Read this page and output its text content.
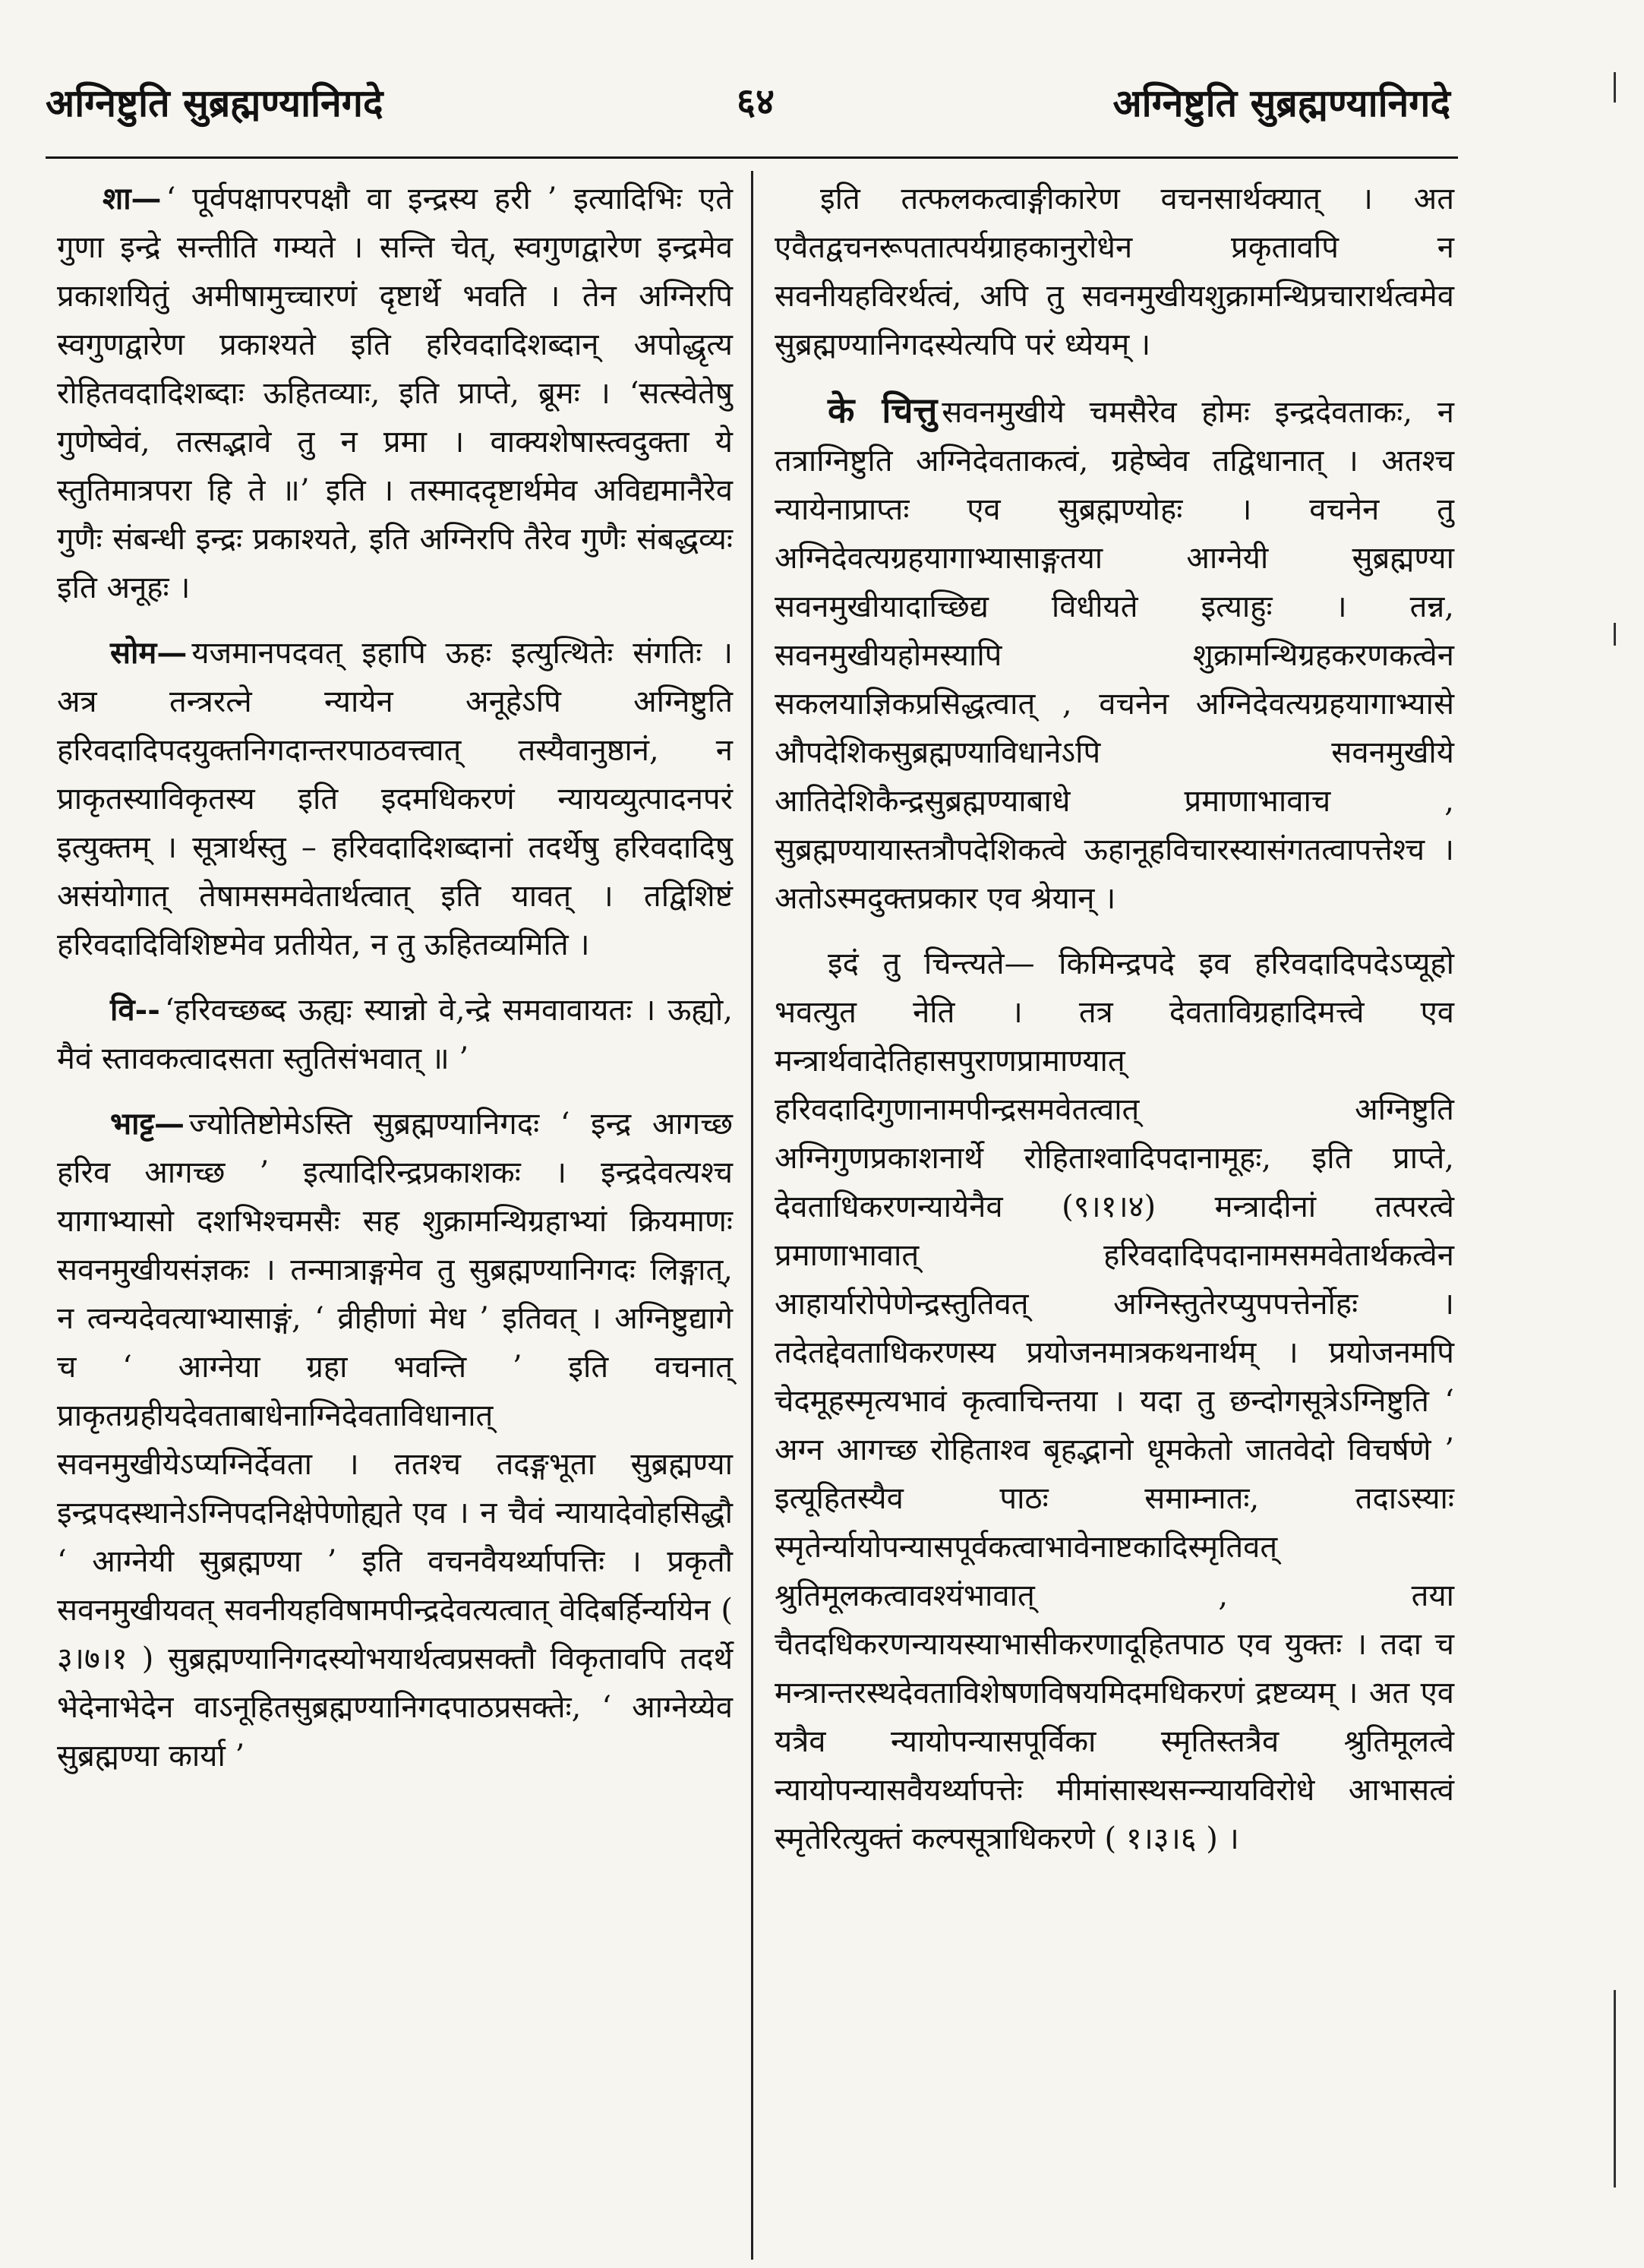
अग्निष्टुति सुब्रह्मण्यानिगदे	६४	अग्निष्टुति सुब्रह्मण्यानिगदे

शा— ‘ पूर्वपक्षापरपक्षौ वा इन्द्रस्य हरी ’ इत्यादिभिः एते गुणा इन्द्रे सन्तीति गम्यते । सन्ति चेत्, स्वगुणद्वारेण इन्द्रमेव प्रकाशयितुं अमीषामुच्चारणं दृष्टार्थे भवति । तेन अग्निरपि स्वगुणद्वारेण प्रकाश्यते इति हरिवदादिशब्दान् अपोद्धृत्य रोहितवदादिशब्दाः ऊहितव्याः, इति प्राप्ते, ब्रूमः । ‘सत्स्वेतेषु गुणेष्वेवं, तत्सद्भावे तु न प्रमा । वाक्यशेषास्त्वदुक्ता ये स्तुतिमात्रपरा हि ते ॥’ इति । तस्माददृष्टार्थमेव अविद्यमानैरेव गुणैः संबन्धी इन्द्रः प्रकाश्यते, इति अग्निरपि तैरेव गुणैः संबद्धव्यः इति अनूहः ।

सोम— यजमानपदवत् इहापि ऊहः इत्युत्थितेः संगतिः । अत्र तन्त्ररत्ने न्यायेन अनूहेऽपि अग्निष्टुति हरिवदादिपदयुक्तनिगदान्तरपाठवत्त्वात् तस्यैवानुष्ठानं, न प्राकृतस्याविकृतस्य इति इदमधिकरणं न्यायव्युत्पादनपरं इत्युक्तम् । सूत्रार्थस्तु – हरिवदादिशब्दानां तदर्थेषु हरिवदादिषु असंयोगात् तेषामसमवेतार्थत्वात् इति यावत् । तद्विशिष्टं हरिवदादिविशिष्टमेव प्रतीयेत, न तु ऊहितव्यमिति ।

वि-- ‘हरिवच्छब्द ऊह्यः स्यान्नो वे,न्द्रे समवावायतः । ऊह्यो, मैवं स्तावकत्वादसता स्तुतिसंभवात् ॥ ’

भाट्ट— ज्योतिष्टोमेऽस्ति सुब्रह्मण्यानिगदः ‘ इन्द्र आगच्छ हरिव आगच्छ ’ इत्यादिरिन्द्रप्रकाशकः । इन्द्रदेवत्यश्च यागाभ्यासो दशभिश्चमसैः सह शुक्रामन्थिग्रहाभ्यां क्रियमाणः सवनमुखीयसंज्ञकः । तन्मात्राङ्गमेव तु सुब्रह्मण्यानिगदः लिङ्गात्, न त्वन्यदेवत्याभ्यासाङ्गं, ‘ व्रीहीणां मेध ’ इतिवत् । अग्निष्टुद्यागे च ‘ आग्नेया ग्रहा भवन्ति ’ इति वचनात् प्राकृतग्रहीयदेवताबाधेनाग्निदेवताविधानात् सवनमुखीयेऽप्यग्निर्देवता । ततश्च तदङ्गभूता सुब्रह्मण्या इन्द्रपदस्थानेऽग्निपदनिक्षेपेणोह्यते एव । न चैवं न्यायादेवोहसिद्धौ ‘ आग्नेयी सुब्रह्मण्या ’ इति वचनवैयर्थ्यापत्तिः । प्रकृतौ सवनमुखीयवत् सवनीयहविषामपीन्द्रदेवत्यत्वात् वेदिबर्हिर्न्यायेन ( ३।७।१ ) सुब्रह्मण्यानिगदस्योभयार्थत्वप्रसक्तौ विकृतावपि तदर्थे भेदेनाभेदेन वाऽनूहितसुब्रह्मण्यानिगदपाठप्रसक्तेः, ‘ आग्नेय्येव सुब्रह्मण्या कार्या ’

इति तत्फलकत्वाङ्गीकारेण वचनसार्थक्यात् । अत एवैतद्वचनरूपतात्पर्यग्राहकानुरोधेन प्रकृतावपि न सवनीयहविरर्थत्वं, अपि तु सवनमुखीयशुक्रामन्थिप्रचारार्थत्वमेव सुब्रह्मण्यानिगदस्येत्यपि परं ध्येयम् ।

के चित्तु सवनमुखीये चमसैरेव होमः इन्द्रदेवताकः, न तत्राग्निष्टुति अग्निदेवताकत्वं, ग्रहेष्वेव तद्विधानात् । अतश्च न्यायेनाप्राप्तः एव सुब्रह्मण्योहः । वचनेन तु अग्निदेवत्यग्रहयागाभ्यासाङ्गतया आग्नेयी सुब्रह्मण्या सवनमुखीयादाच्छिद्य विधीयते इत्याहुः । तन्न, सवनमुखीयहोमस्यापि शुक्रामन्थिग्रहकरणकत्वेन सकलयाज्ञिकप्रसिद्धत्वात् , वचनेन अग्निदेवत्यग्रहयागाभ्यासे औपदेशिकसुब्रह्मण्याविधानेऽपि सवनमुखीये आतिदेशिकैन्द्रसुब्रह्मण्याबाधे प्रमाणाभावाच , सुब्रह्मण्यायास्तत्रौपदेशिकत्वे ऊहानूहविचारस्यासंगतत्वापत्तेश्च । अतोऽस्मदुक्तप्रकार एव श्रेयान् ।

इदं तु चिन्त्यते— किमिन्द्रपदे इव हरिवदादिपदेऽप्यूहो भवत्युत नेति । तत्र देवताविग्रहादिमत्त्वे एव मन्त्रार्थवादेतिहासपुराणप्रामाण्यात् हरिवदादिगुणानामपीन्द्रसमवेतत्वात् अग्निष्टुति अग्निगुणप्रकाशनार्थे रोहिताश्वादिपदानामूहः, इति प्राप्ते, देवताधिकरणन्यायेनैव (९।१।४) मन्त्रादीनां तत्परत्वे प्रमाणाभावात् हरिवदादिपदानामसमवेतार्थकत्वेन आहार्यारोपेणेन्द्रस्तुतिवत् अग्निस्तुतेरप्युपपत्तेर्नोहः । तदेतद्देवताधिकरणस्य प्रयोजनमात्रकथनार्थम् । प्रयोजनमपि चेदमूहस्मृत्यभावं कृत्वाचिन्तया । यदा तु छन्दोगसूत्रेऽग्निष्टुति ‘ अग्न आगच्छ रोहिताश्व बृहद्भानो धूमकेतो जातवेदो विचर्षणे ’ इत्यूहितस्यैव पाठः समाम्नातः, तदाऽस्याः स्मृतेर्न्यायोपन्यासपूर्वकत्वाभावेनाष्टकादिस्मृतिवत् श्रुतिमूलकत्वावश्यंभावात् , तया चैतदधिकरणन्यायस्याभासीकरणादूहितपाठ एव युक्तः । तदा च मन्त्रान्तरस्थदेवताविशेषणविषयमिदमधिकरणं द्रष्टव्यम् । अत एव यत्रैव न्यायोपन्यासपूर्विका स्मृतिस्तत्रैव श्रुतिमूलत्वे न्यायोपन्यासवैयर्थ्यापत्तेः मीमांसास्थसन्न्यायविरोधे आभासत्वं स्मृतेरित्युक्तं कल्पसूत्राधिकरणे ( १।३।६ ) ।
